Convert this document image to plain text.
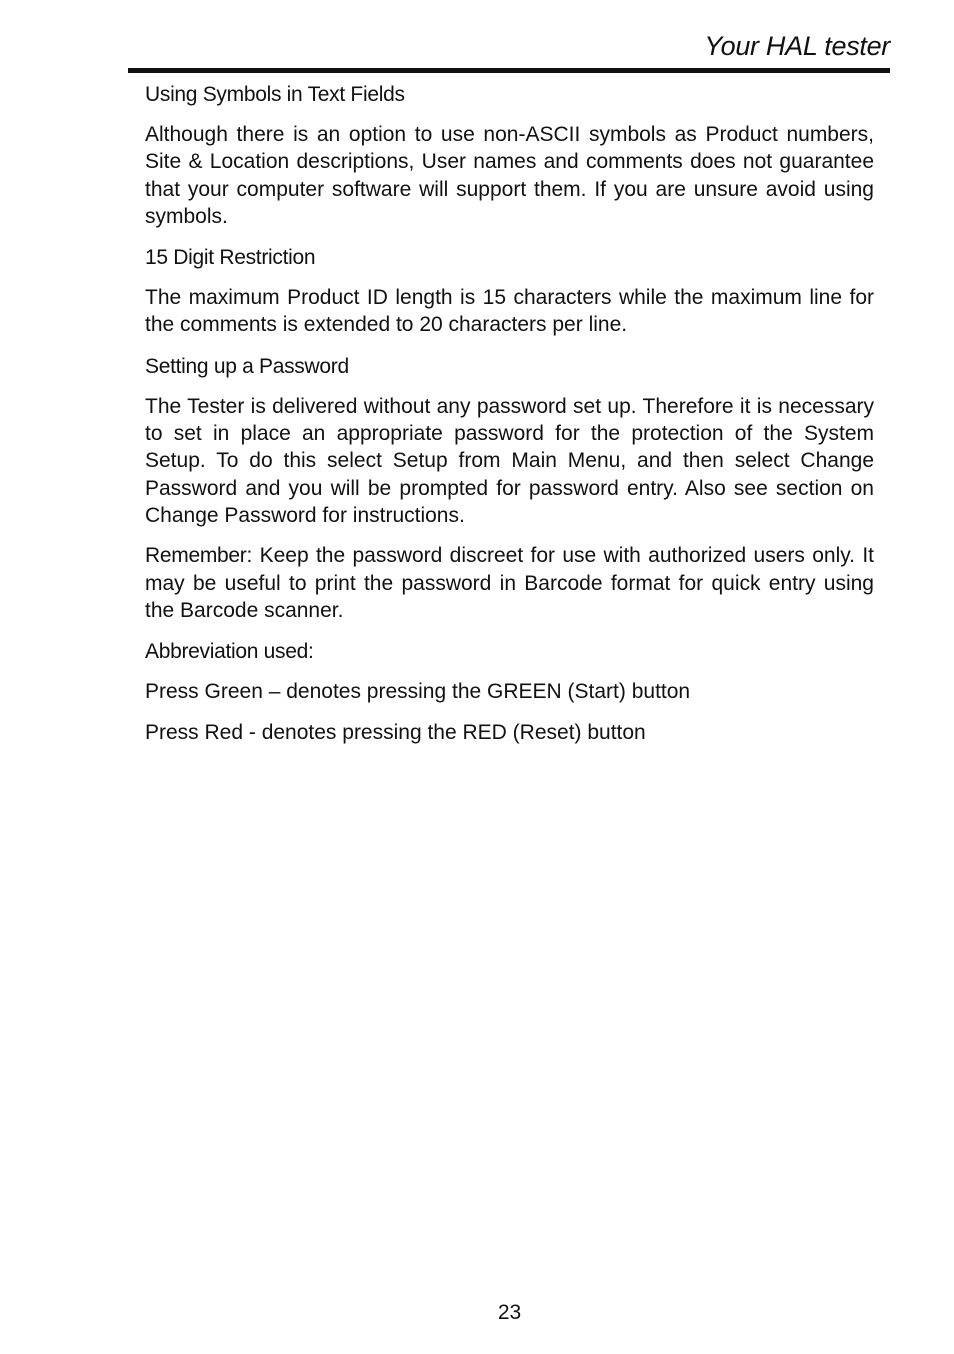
Your HAL tester
Using Symbols in Text Fields
Although there is an option to use non-ASCII symbols as Product numbers, Site & Location descriptions, User names and comments does not guarantee that your computer software will support them. If you are unsure avoid using symbols.
15 Digit Restriction
The maximum Product ID length is 15 characters while the maximum line for the comments is extended to 20 characters per line.
Setting up a Password
The Tester is delivered without any password set up. Therefore it is necessary to set in place an appropriate password for the protection of the System Setup. To do this select Setup from Main Menu, and then select Change Password and you will be prompted for password entry. Also see section on Change Password for instructions.
Remember: Keep the password discreet for use with authorized users only. It may be useful to print the password in Barcode format for quick entry using the Barcode scanner.
Abbreviation used:
Press Green – denotes pressing the GREEN (Start) button
Press Red - denotes pressing the RED (Reset) button
23
